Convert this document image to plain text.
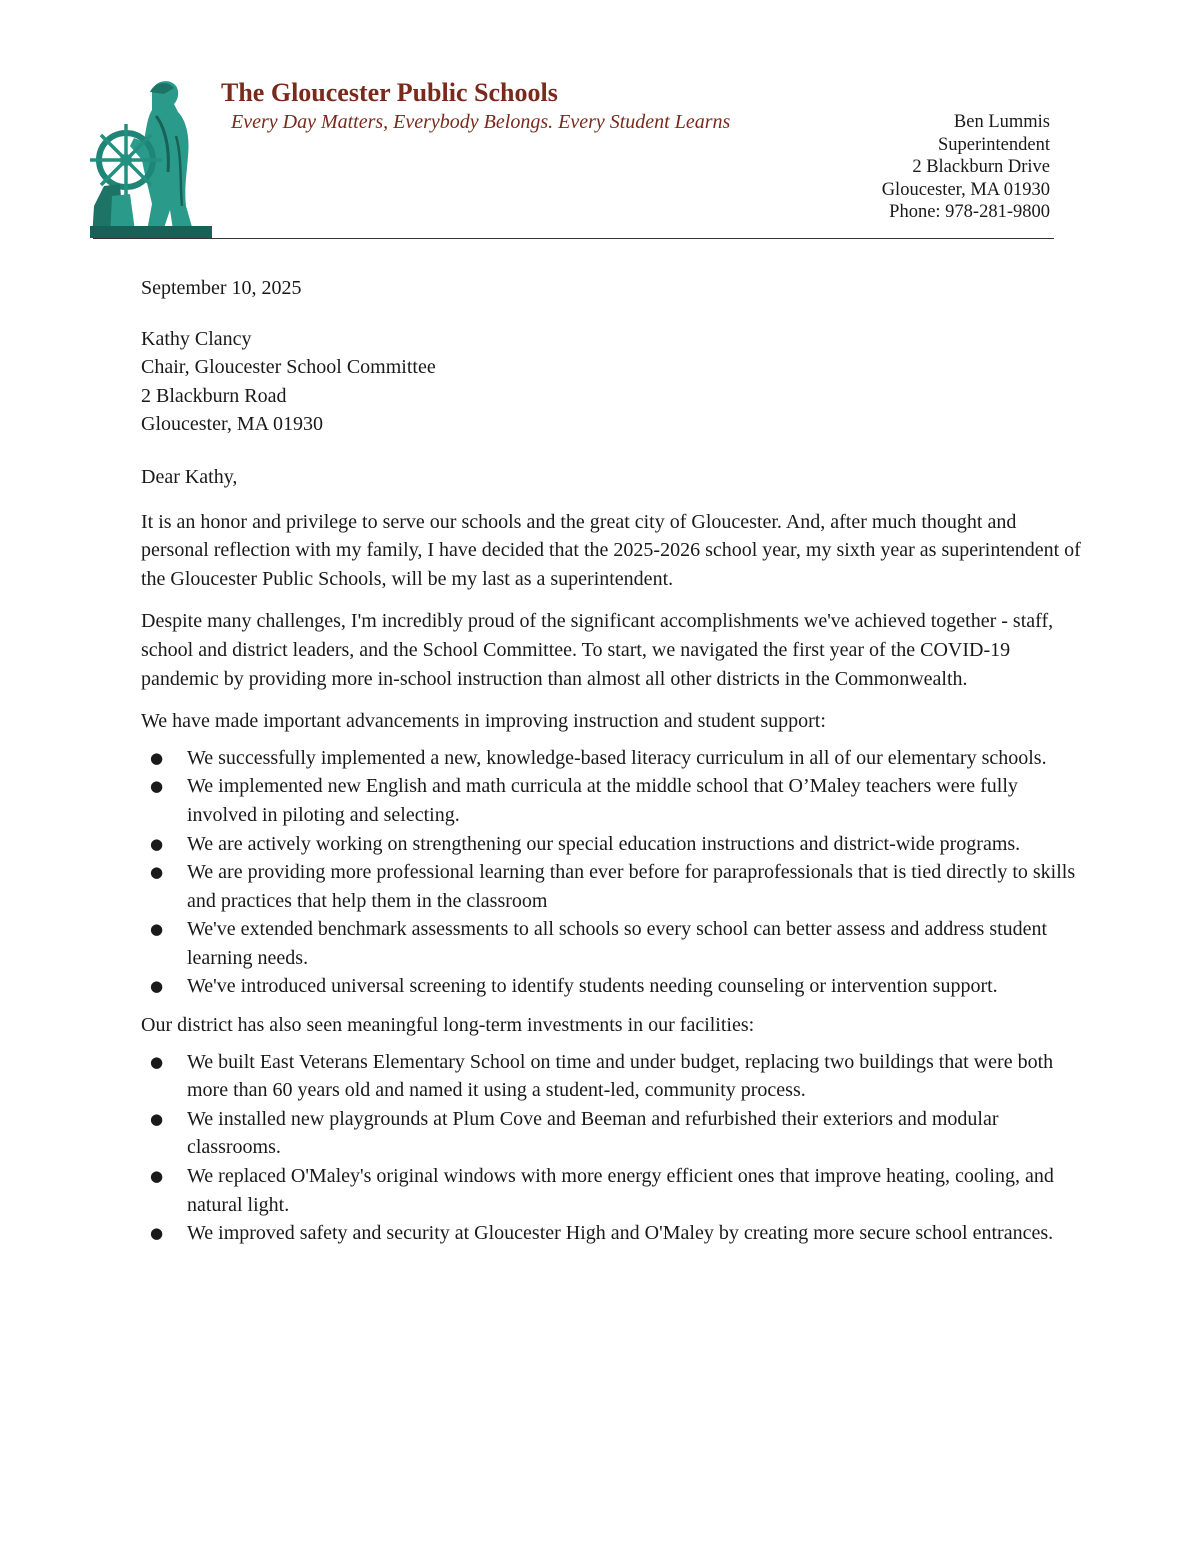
The Gloucester Public Schools
Every Day Matters, Everybody Belongs. Every Student Learns	Ben Lummis
Superintendent
2 Blackburn Drive
Gloucester, MA 01930
Phone: 978-281-9800

September 10, 2025

Kathy Clancy
Chair, Gloucester School Committee
2 Blackburn Road
Gloucester, MA 01930

Dear Kathy,

It is an honor and privilege to serve our schools and the great city of Gloucester. And, after much thought and personal reflection with my family, I have decided that the 2025-2026 school year, my sixth year as superintendent of the Gloucester Public Schools, will be my last as a superintendent.

Despite many challenges, I'm incredibly proud of the significant accomplishments we've achieved together - staff, school and district leaders, and the School Committee. To start, we navigated the first year of the COVID-19 pandemic by providing more in-school instruction than almost all other districts in the Commonwealth.

We have made important advancements in improving instruction and student support:

● We successfully implemented a new, knowledge-based literacy curriculum in all of our elementary schools.
● We implemented new English and math curricula at the middle school that O’Maley teachers were fully involved in piloting and selecting.
● We are actively working on strengthening our special education instructions and district-wide programs.
● We are providing more professional learning than ever before for paraprofessionals that is tied directly to skills and practices that help them in the classroom
● We've extended benchmark assessments to all schools so every school can better assess and address student learning needs.
● We've introduced universal screening to identify students needing counseling or intervention support.

Our district has also seen meaningful long-term investments in our facilities:

● We built East Veterans Elementary School on time and under budget, replacing two buildings that were both more than 60 years old and named it using a student-led, community process.
● We installed new playgrounds at Plum Cove and Beeman and refurbished their exteriors and modular classrooms.
● We replaced O'Maley's original windows with more energy efficient ones that improve heating, cooling, and natural light.
● We improved safety and security at Gloucester High and O'Maley by creating more secure school entrances.
